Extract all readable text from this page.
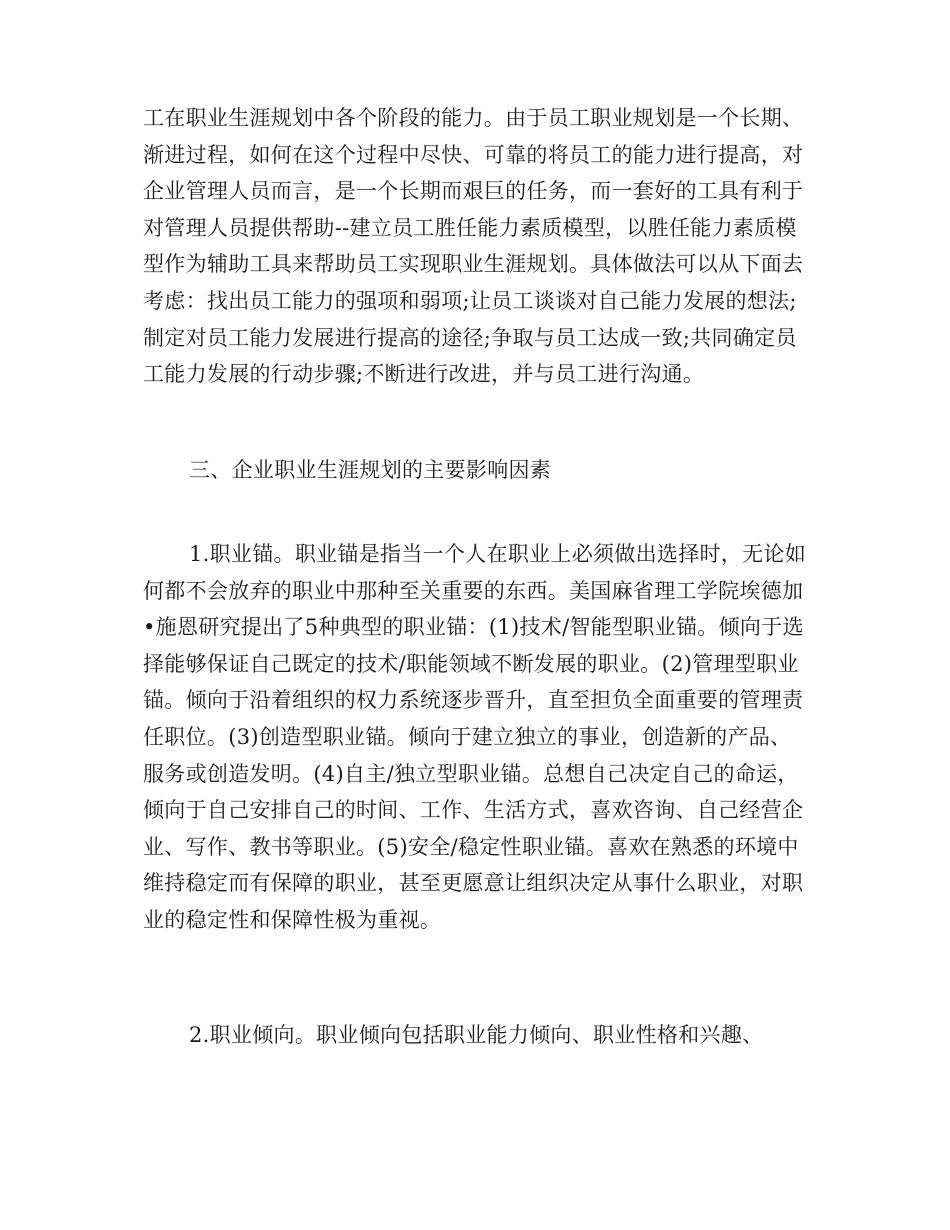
工在职业生涯规划中各个阶段的能力。由于员工职业规划是一个长期、渐进过程，如何在这个过程中尽快、可靠的将员工的能力进行提高，对企业管理人员而言，是一个长期而艰巨的任务，而一套好的工具有利于对管理人员提供帮助--建立员工胜任能力素质模型，以胜任能力素质模型作为辅助工具来帮助员工实现职业生涯规划。具体做法可以从下面去考虑：找出员工能力的强项和弱项;让员工谈谈对自己能力发展的想法;制定对员工能力发展进行提高的途径;争取与员工达成一致;共同确定员工能力发展的行动步骤;不断进行改进，并与员工进行沟通。

三、企业职业生涯规划的主要影响因素

1.职业锚。职业锚是指当一个人在职业上必须做出选择时，无论如何都不会放弃的职业中那种至关重要的东西。美国麻省理工学院埃德加•施恩研究提出了5种典型的职业锚：(1)技术/智能型职业锚。倾向于选择能够保证自己既定的技术/职能领域不断发展的职业。(2)管理型职业锚。倾向于沿着组织的权力系统逐步晋升，直至担负全面重要的管理责任职位。(3)创造型职业锚。倾向于建立独立的事业，创造新的产品、服务或创造发明。(4)自主/独立型职业锚。总想自己决定自己的命运，倾向于自己安排自己的时间、工作、生活方式，喜欢咨询、自己经营企业、写作、教书等职业。(5)安全/稳定性职业锚。喜欢在熟悉的环境中维持稳定而有保障的职业，甚至更愿意让组织决定从事什么职业，对职业的稳定性和保障性极为重视。

2.职业倾向。职业倾向包括职业能力倾向、职业性格和兴趣、
